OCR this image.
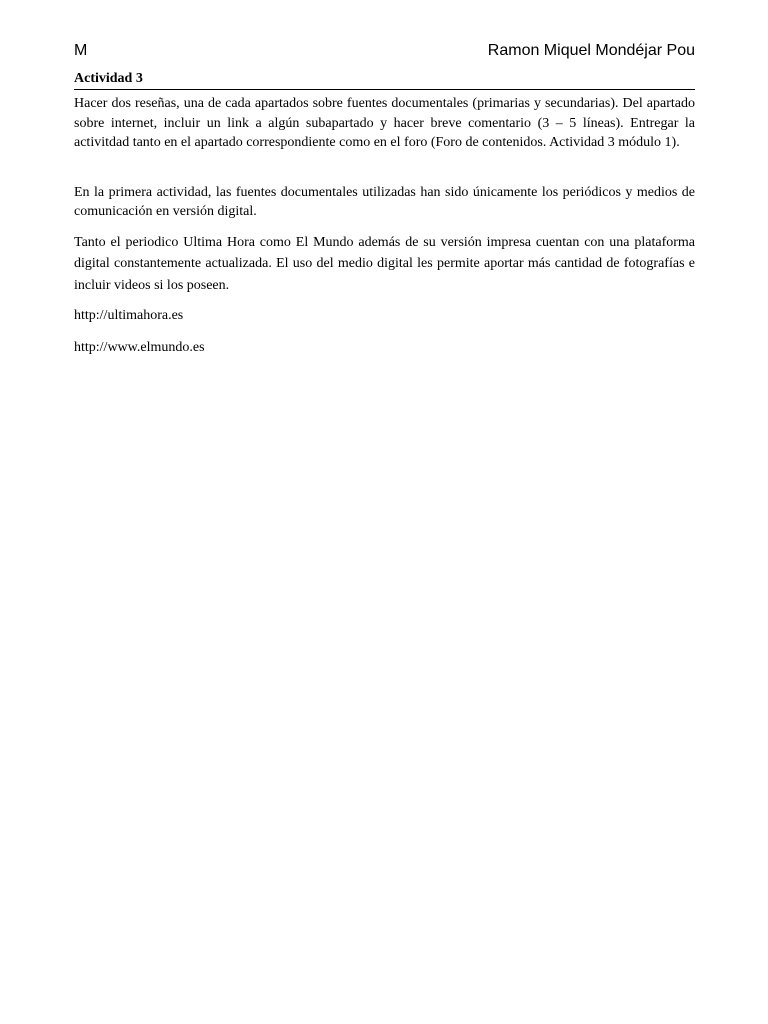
M	Ramon Miquel Mondéjar Pou
Actividad 3

Hacer dos reseñas, una de cada apartados sobre fuentes documentales (primarias y secundarias). Del apartado sobre internet, incluir un link a algún subapartado y hacer breve comentario (3 – 5 líneas). Entregar la activitdad tanto en el apartado correspondiente como en el foro (Foro de contenidos. Actividad 3 módulo 1).

En la primera actividad, las fuentes documentales utilizadas han sido únicamente los periódicos y medios de comunicación en versión digital.

Tanto el periodico Ultima Hora como El Mundo además de su versión impresa cuentan con una plataforma digital constantemente actualizada. El uso del medio digital les permite aportar más cantidad de fotografías e incluir videos si los poseen.

http://ultimahora.es

http://www.elmundo.es
